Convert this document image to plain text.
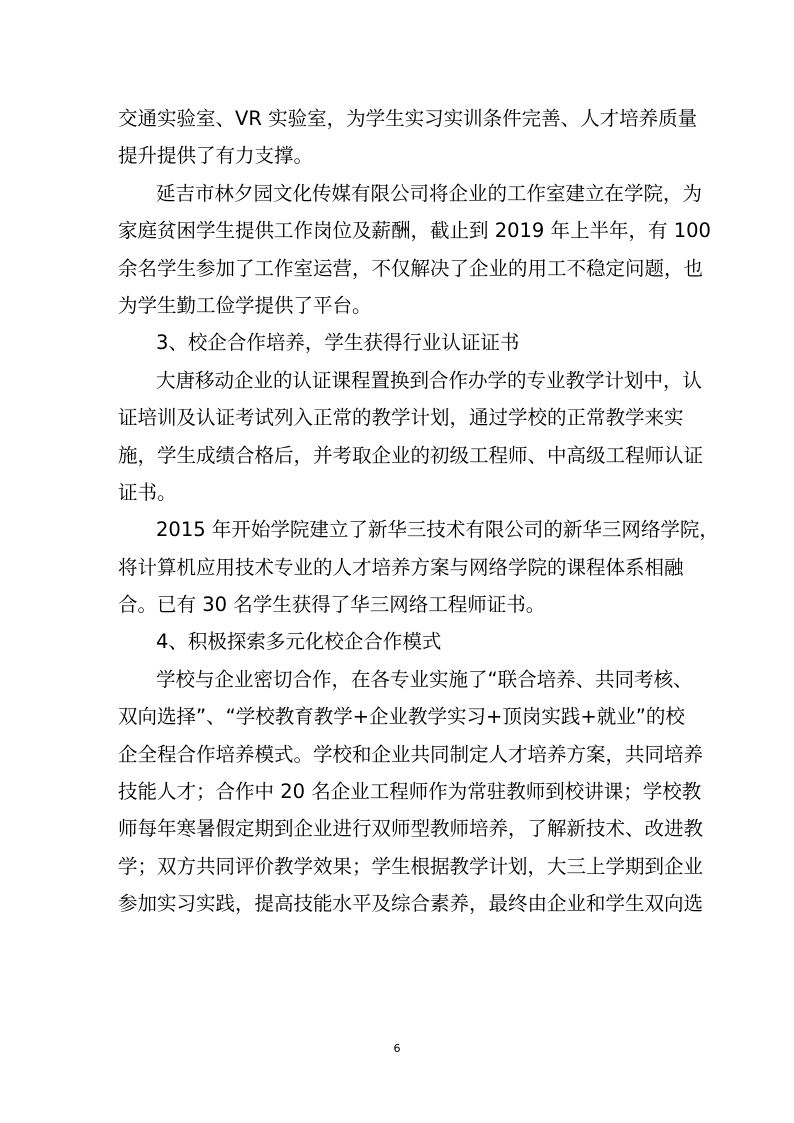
交通实验室、VR 实验室，为学生实习实训条件完善、人才培养质量
提升提供了有力支撑。
延吉市林夕园文化传媒有限公司将企业的工作室建立在学院，为
家庭贫困学生提供工作岗位及薪酬，截止到 2019 年上半年，有 100
余名学生参加了工作室运营，不仅解决了企业的用工不稳定问题，也
为学生勤工俭学提供了平台。
3、校企合作培养，学生获得行业认证证书
大唐移动企业的认证课程置换到合作办学的专业教学计划中，认
证培训及认证考试列入正常的教学计划，通过学校的正常教学来实
施，学生成绩合格后，并考取企业的初级工程师、中高级工程师认证
证书。
2015 年开始学院建立了新华三技术有限公司的新华三网络学院，
将计算机应用技术专业的人才培养方案与网络学院的课程体系相融
合。已有 30 名学生获得了华三网络工程师证书。
4、积极探索多元化校企合作模式
学校与企业密切合作，在各专业实施了“联合培养、共同考核、
双向选择”、“学校教育教学+企业教学实习+顶岗实践+就业”的校
企全程合作培养模式。学校和企业共同制定人才培养方案，共同培养
技能人才；合作中 20 名企业工程师作为常驻教师到校讲课；学校教
师每年寒暑假定期到企业进行双师型教师培养，了解新技术、改进教
学；双方共同评价教学效果；学生根据教学计划，大三上学期到企业
参加实习实践，提高技能水平及综合素养，最终由企业和学生双向选
6
